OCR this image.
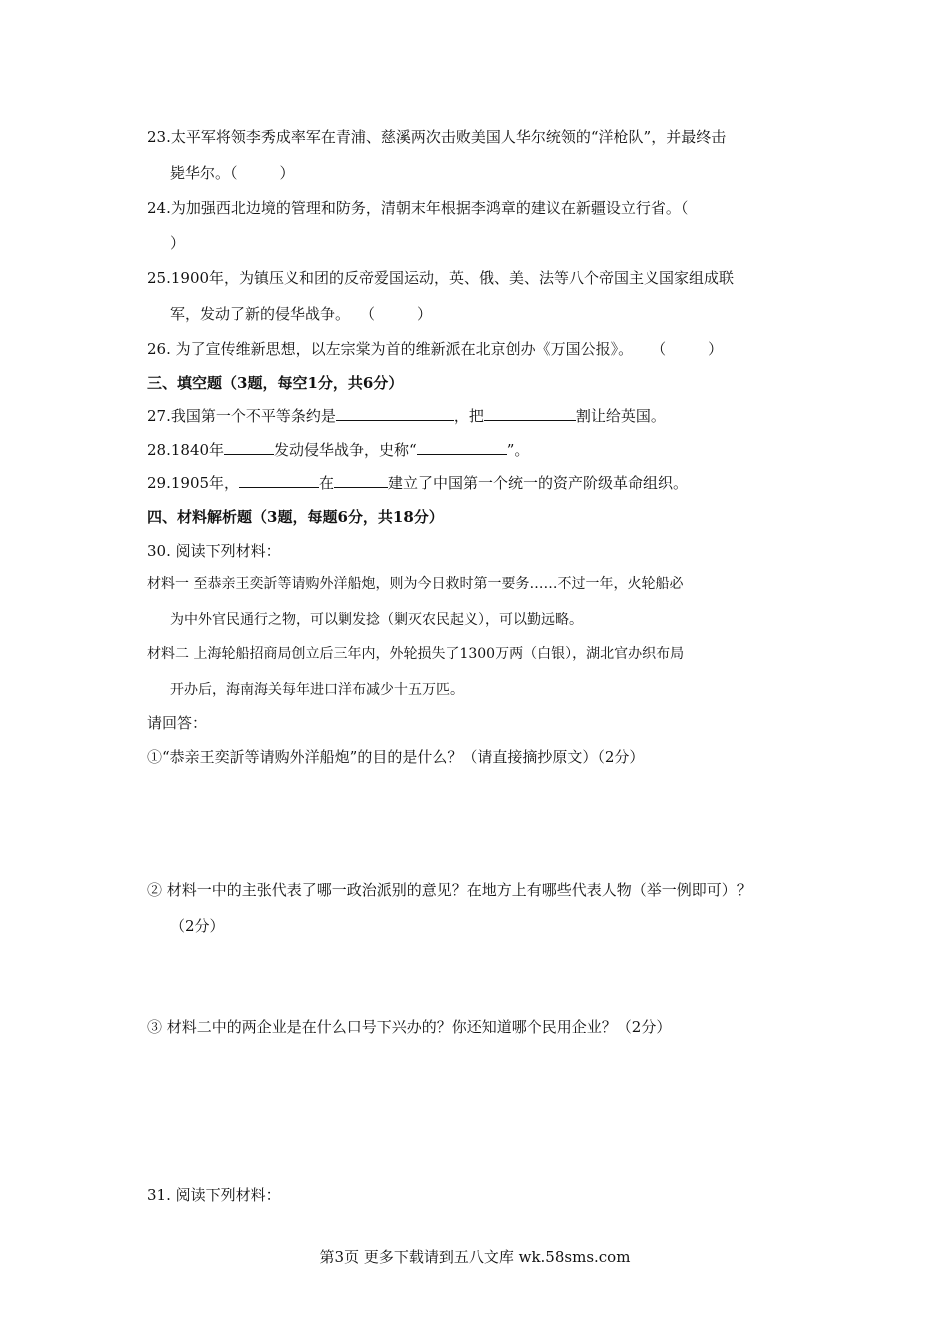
23.太平军将领李秀成率军在青浦、慈溪两次击败美国人华尔统领的“洋枪队”，并最终击
毙华尔。（	）
24.为加强西北边境的管理和防务，清朝末年根据李鸿章的建议在新疆设立行省。（
）
25.1900年，为镇压义和团的反帝爱国运动，英、俄、美、法等八个帝国主义国家组成联
军，发动了新的侵华战争。 （	）
26. 为了宣传维新思想，以左宗棠为首的维新派在北京创办《万国公报》。 （	）
三、填空题（3题，每空1分，共6分）
27.我国第一个不平等条约是	，把	割让给英国。
28.1840年	发动侵华战争，史称“	”。
29.1905年，	在	建立了中国第一个统一的资产阶级革命组织。
四、材料解析题（3题，每题6分，共18分）
30. 阅读下列材料：
材料一 至恭亲王奕訢等请购外洋船炮，则为今日救时第一要务……不过一年，火轮船必
为中外官民通行之物，可以剿发捻（剿灭农民起义），可以勤远略。
材料二 上海轮船招商局创立后三年内，外轮损失了1300万两（白银），湖北官办织布局
开办后，海南海关每年进口洋布减少十五万匹。
请回答：
①“恭亲王奕訢等请购外洋船炮”的目的是什么？（请直接摘抄原文）（2分）
② 材料一中的主张代表了哪一政治派别的意见？在地方上有哪些代表人物（举一例即可）？
（2分）
③ 材料二中的两企业是在什么口号下兴办的？你还知道哪个民用企业？（2分）
31. 阅读下列材料：
第3页 更多下载请到五八文库 wk.58sms.com
